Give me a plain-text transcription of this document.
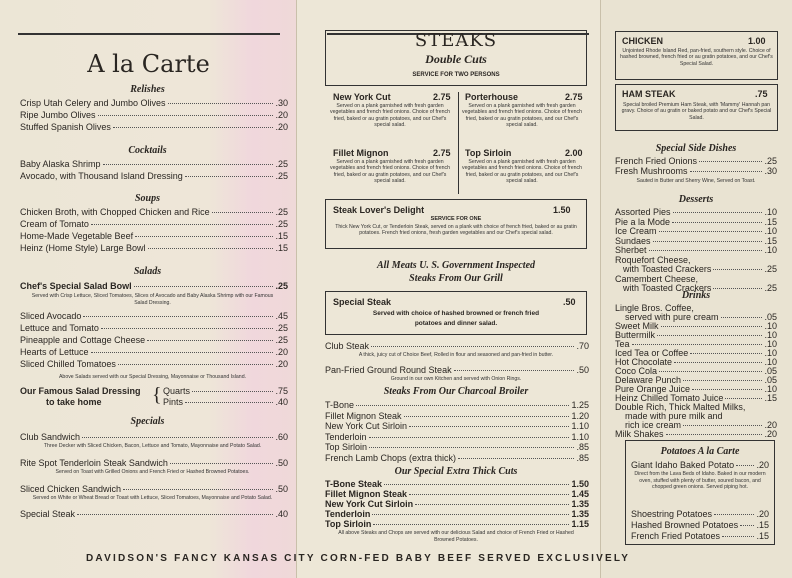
A la Carte
Relishes
Cocktails
Soups
Salads
Chef's Special Salad Bowl	.25
Served with Crisp Lettuce, Sliced Tomatoes, Slices of Avocado and Baby Alaska Shrimp with our Famous Salad Dressing.
Above Salads served with our Special Dressing, Mayonnaise or Thousand Island.
Our Famous Salad Dressing
to take home	{ Quarts	.75
Pints	.40
Specials
Crisp Utah Celery and Jumbo Olives	.30
Ripe Jumbo Olives	.20
Stuffed Spanish Olives	.20
Baby Alaska Shrimp	.25
Avocado, with Thousand Island Dressing	.25
Chicken Broth, with Chopped Chicken and Rice	.25
Cream of Tomato	.25
Home-Made Vegetable Beef	.15
Heinz (Home Style) Large Bowl	.15
Sliced Avocado	.45
Lettuce and Tomato	.25
Pineapple and Cottage Cheese	.25
Hearts of Lettuce	.20
Sliced Chilled Tomatoes	.20
Club Sandwich	.60
Three Decker with Sliced Chicken, Bacon, Lettuce and Tomato, Mayonnaise and Potato Salad.
Rite Spot Tenderloin Steak Sandwich	.50
Served on Toast with Grilled Onions and French Fried or Hashed Browned Potatoes.
Sliced Chicken Sandwich	.50
Served on White or Wheat Bread or Toast with Lettuce, Sliced Tomatoes, Mayonnaise and Potato Salad.
Special Steak	.40
STEAKS
Double Cuts
SERVICE FOR TWO PERSONS
Steak Lover's Delight	1.50
SERVICE FOR ONE
Thick New York Cut, or Tenderloin Steak, served on a plank with choice of french fried, baked or au gratin potatoes. French fried onions, fresh garden vegetables and our Chef's special salad.
All Meats U. S. Government Inspected
Steaks From Our Grill
Special Steak	.50
Served with choice of hashed browned or french fried
potatoes and dinner salad.
Steaks From Our Charcoal Broiler
Our Special Extra Thick Cuts
All above Steaks and Chops are served with our delicious Salad and choice of French Fried or Hashed Browned Potatoes.
New York Cut	2.75
Served on a plank garnished with fresh garden vegetables and french fried onions. Choice of french fried, baked or au gratin potatoes, and our Chef's special salad.
Porterhouse	2.75
Served on a plank garnished with fresh garden vegetables and french fried onions. Choice of french fried, baked or au gratin potatoes, and our Chef's special salad.
Fillet Mignon	2.75
Served on a plank garnished with fresh garden vegetables and french fried onions. Choice of french fried, baked or au gratin potatoes, and our Chef's special salad.
Top Sirloin	2.00
Served on a plank garnished with fresh garden vegetables and french fried onions. Choice of french fried, baked or au gratin potatoes, and our Chef's special salad.
Club Steak	.70
A thick, juicy cut of Choice Beef, Rolled in flour and seasoned and pan-fried in butter.
Pan-Fried Ground Round Steak	.50
Ground in our own Kitchen and served with Onion Rings.
T-Bone	1.25
Fillet Mignon Steak	1.20
New York Cut Sirloin	1.10
Tenderloin	1.10
Top Sirloin	.85
French Lamb Chops (extra thick)	.85
T-Bone Steak	1.50
Fillet Mignon Steak	1.45
New York Cut Sirloin	1.35
Tenderloin	1.35
Top Sirloin	1.15
CHICKEN	1.00
Unjointed Rhode Island Red, pan-fried, southern style. Choice of hashed browned, french fried or au gratin potatoes, and our Chef's Special Salad.
HAM STEAK	.75
Special broiled Premium Ham Steak, with 'Mammy' Hannah pan gravy. Choice of au gratin or baked potato and our Chef's Special Salad.
Special Side Dishes
Sauted in Butter and Sherry Wine, Served on Toast.
Desserts
Drinks
Potatoes A la Carte
Giant Idaho Baked Potato .20
Direct from the Lava Beds of Idaho. Baked in our modern oven, stuffed with plenty of butter, soured bacon, and chopped green onions. Served piping hot.
French Fried Onions	.25
Fresh Mushrooms	.30
Assorted Pies	.10
Pie a la Mode	.15
Ice Cream	.10
Sundaes	.15
Sherbet	.10
Roquefort Cheese,
with Toasted Crackers	.25
Camembert Cheese,
with Toasted Crackers	.25
Lingle Bros. Coffee,
served with pure cream	.05
Sweet Milk	.10
Buttermilk	.10
Tea	.10
Iced Tea or Coffee	.10
Hot Chocolate	.10
Coco Cola	.05
Delaware Punch	.05
Pure Orange Juice	.10
Heinz Chilled Tomato Juice	.15
Double Rich, Thick Malted Milks,
made with pure milk and
rich ice cream	.20
Milk Shakes	.20
Shoestring Potatoes	.20
Hashed Browned Potatoes .15
French Fried Potatoes	.15
DAVIDSON'S FANCY KANSAS CITY CORN-FED BABY BEEF SERVED EXCLUSIVELY
